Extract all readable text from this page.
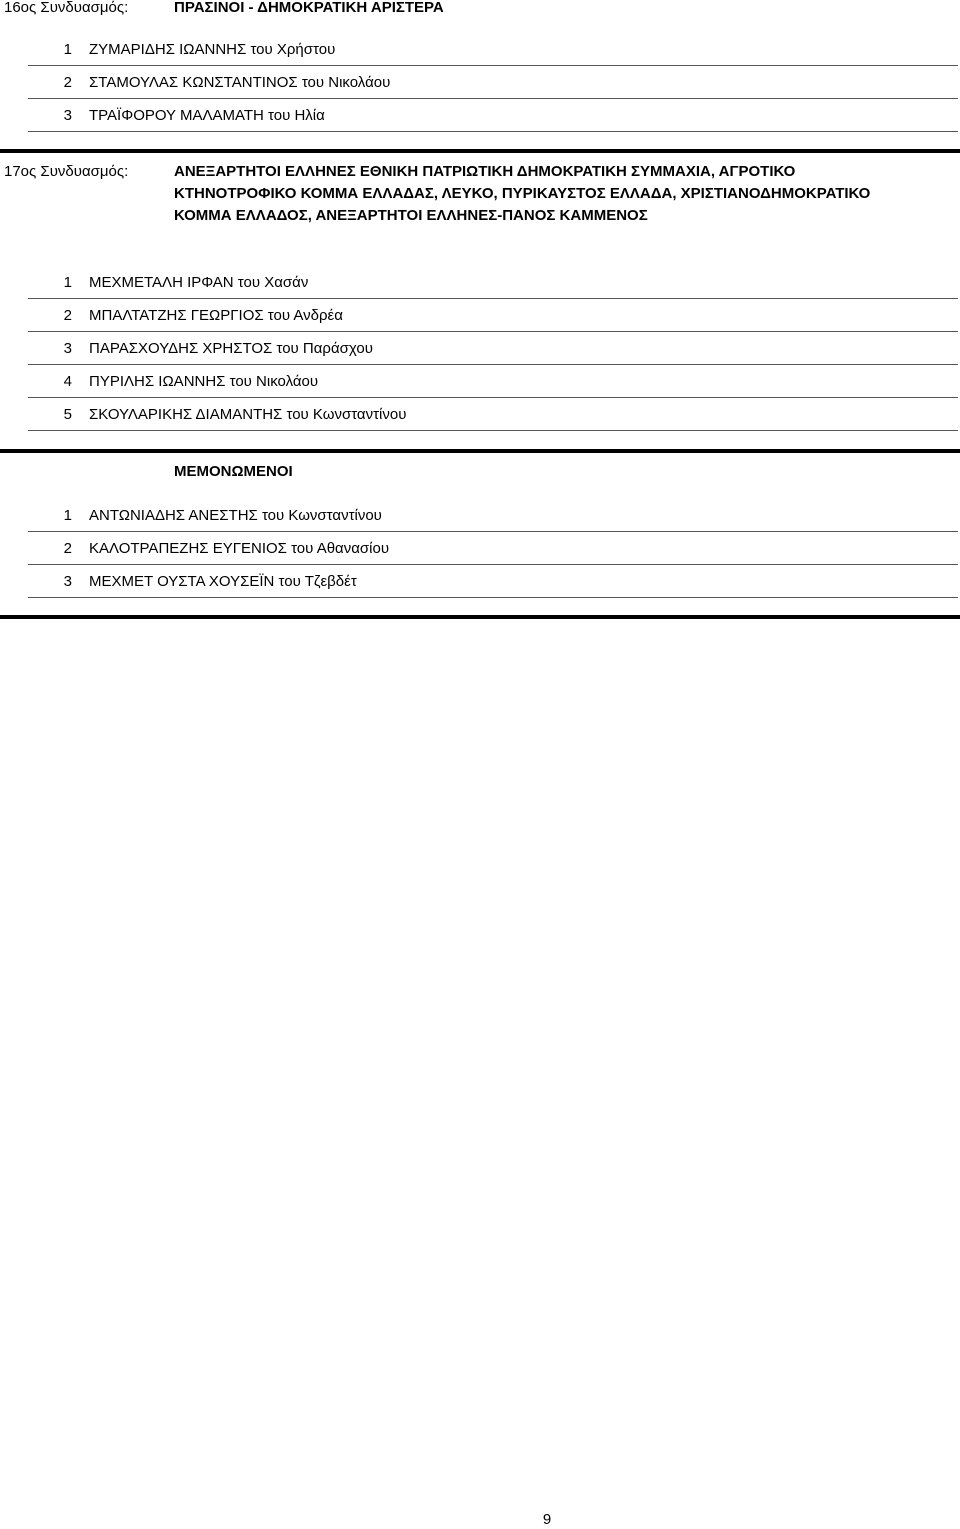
16ος Συνδυασμός:	ΠΡΑΣΙΝΟΙ - ΔΗΜΟΚΡΑΤΙΚΗ ΑΡΙΣΤΕΡΑ
1 ΖΥΜΑΡΙΔΗΣ ΙΩΑΝΝΗΣ του Χρήστου
2 ΣΤΑΜΟΥΛΑΣ ΚΩΝΣΤΑΝΤΙΝΟΣ του Νικολάου
3 ΤΡΑΪΦΟΡΟΥ ΜΑΛΑΜΑΤΗ του Ηλία
17ος Συνδυασμός:	ΑΝΕΞΑΡΤΗΤΟΙ ΕΛΛΗΝΕΣ ΕΘΝΙΚΗ ΠΑΤΡΙΩΤΙΚΗ ΔΗΜΟΚΡΑΤΙΚΗ ΣΥΜΜΑΧΙΑ, ΑΓΡΟΤΙΚΟ ΚΤΗΝΟΤΡΟΦΙΚΟ ΚΟΜΜΑ ΕΛΛΑΔΑΣ, ΛΕΥΚΟ, ΠΥΡΙΚΑΥΣΤΟΣ ΕΛΛΑΔΑ, ΧΡΙΣΤΙΑΝΟΔΗΜΟΚΡΑΤΙΚΟ ΚΟΜΜΑ ΕΛΛΑΔΟΣ, ΑΝΕΞΑΡΤΗΤΟΙ ΕΛΛΗΝΕΣ-ΠΑΝΟΣ ΚΑΜΜΕΝΟΣ
1 ΜΕΧΜΕΤΑΛΗ ΙΡΦΑΝ του Χασάν
2 ΜΠΑΛΤΑΤΖΗΣ ΓΕΩΡΓΙΟΣ του Ανδρέα
3 ΠΑΡΑΣΧΟΥΔΗΣ ΧΡΗΣΤΟΣ του Παράσχου
4 ΠΥΡΙΛΗΣ ΙΩΑΝΝΗΣ του Νικολάου
5 ΣΚΟΥΛΑΡΙΚΗΣ ΔΙΑΜΑΝΤΗΣ του Κωνσταντίνου
ΜΕΜΟΝΩΜΕΝΟΙ
1 ΑΝΤΩΝΙΑΔΗΣ ΑΝΕΣΤΗΣ του Κωνσταντίνου
2 ΚΑΛΟΤΡΑΠΕΖΗΣ ΕΥΓΕΝΙΟΣ του Αθανασίου
3 ΜΕΧΜΕΤ ΟΥΣΤΑ ΧΟΥΣΕΪΝ του Τζεβδέτ
9
